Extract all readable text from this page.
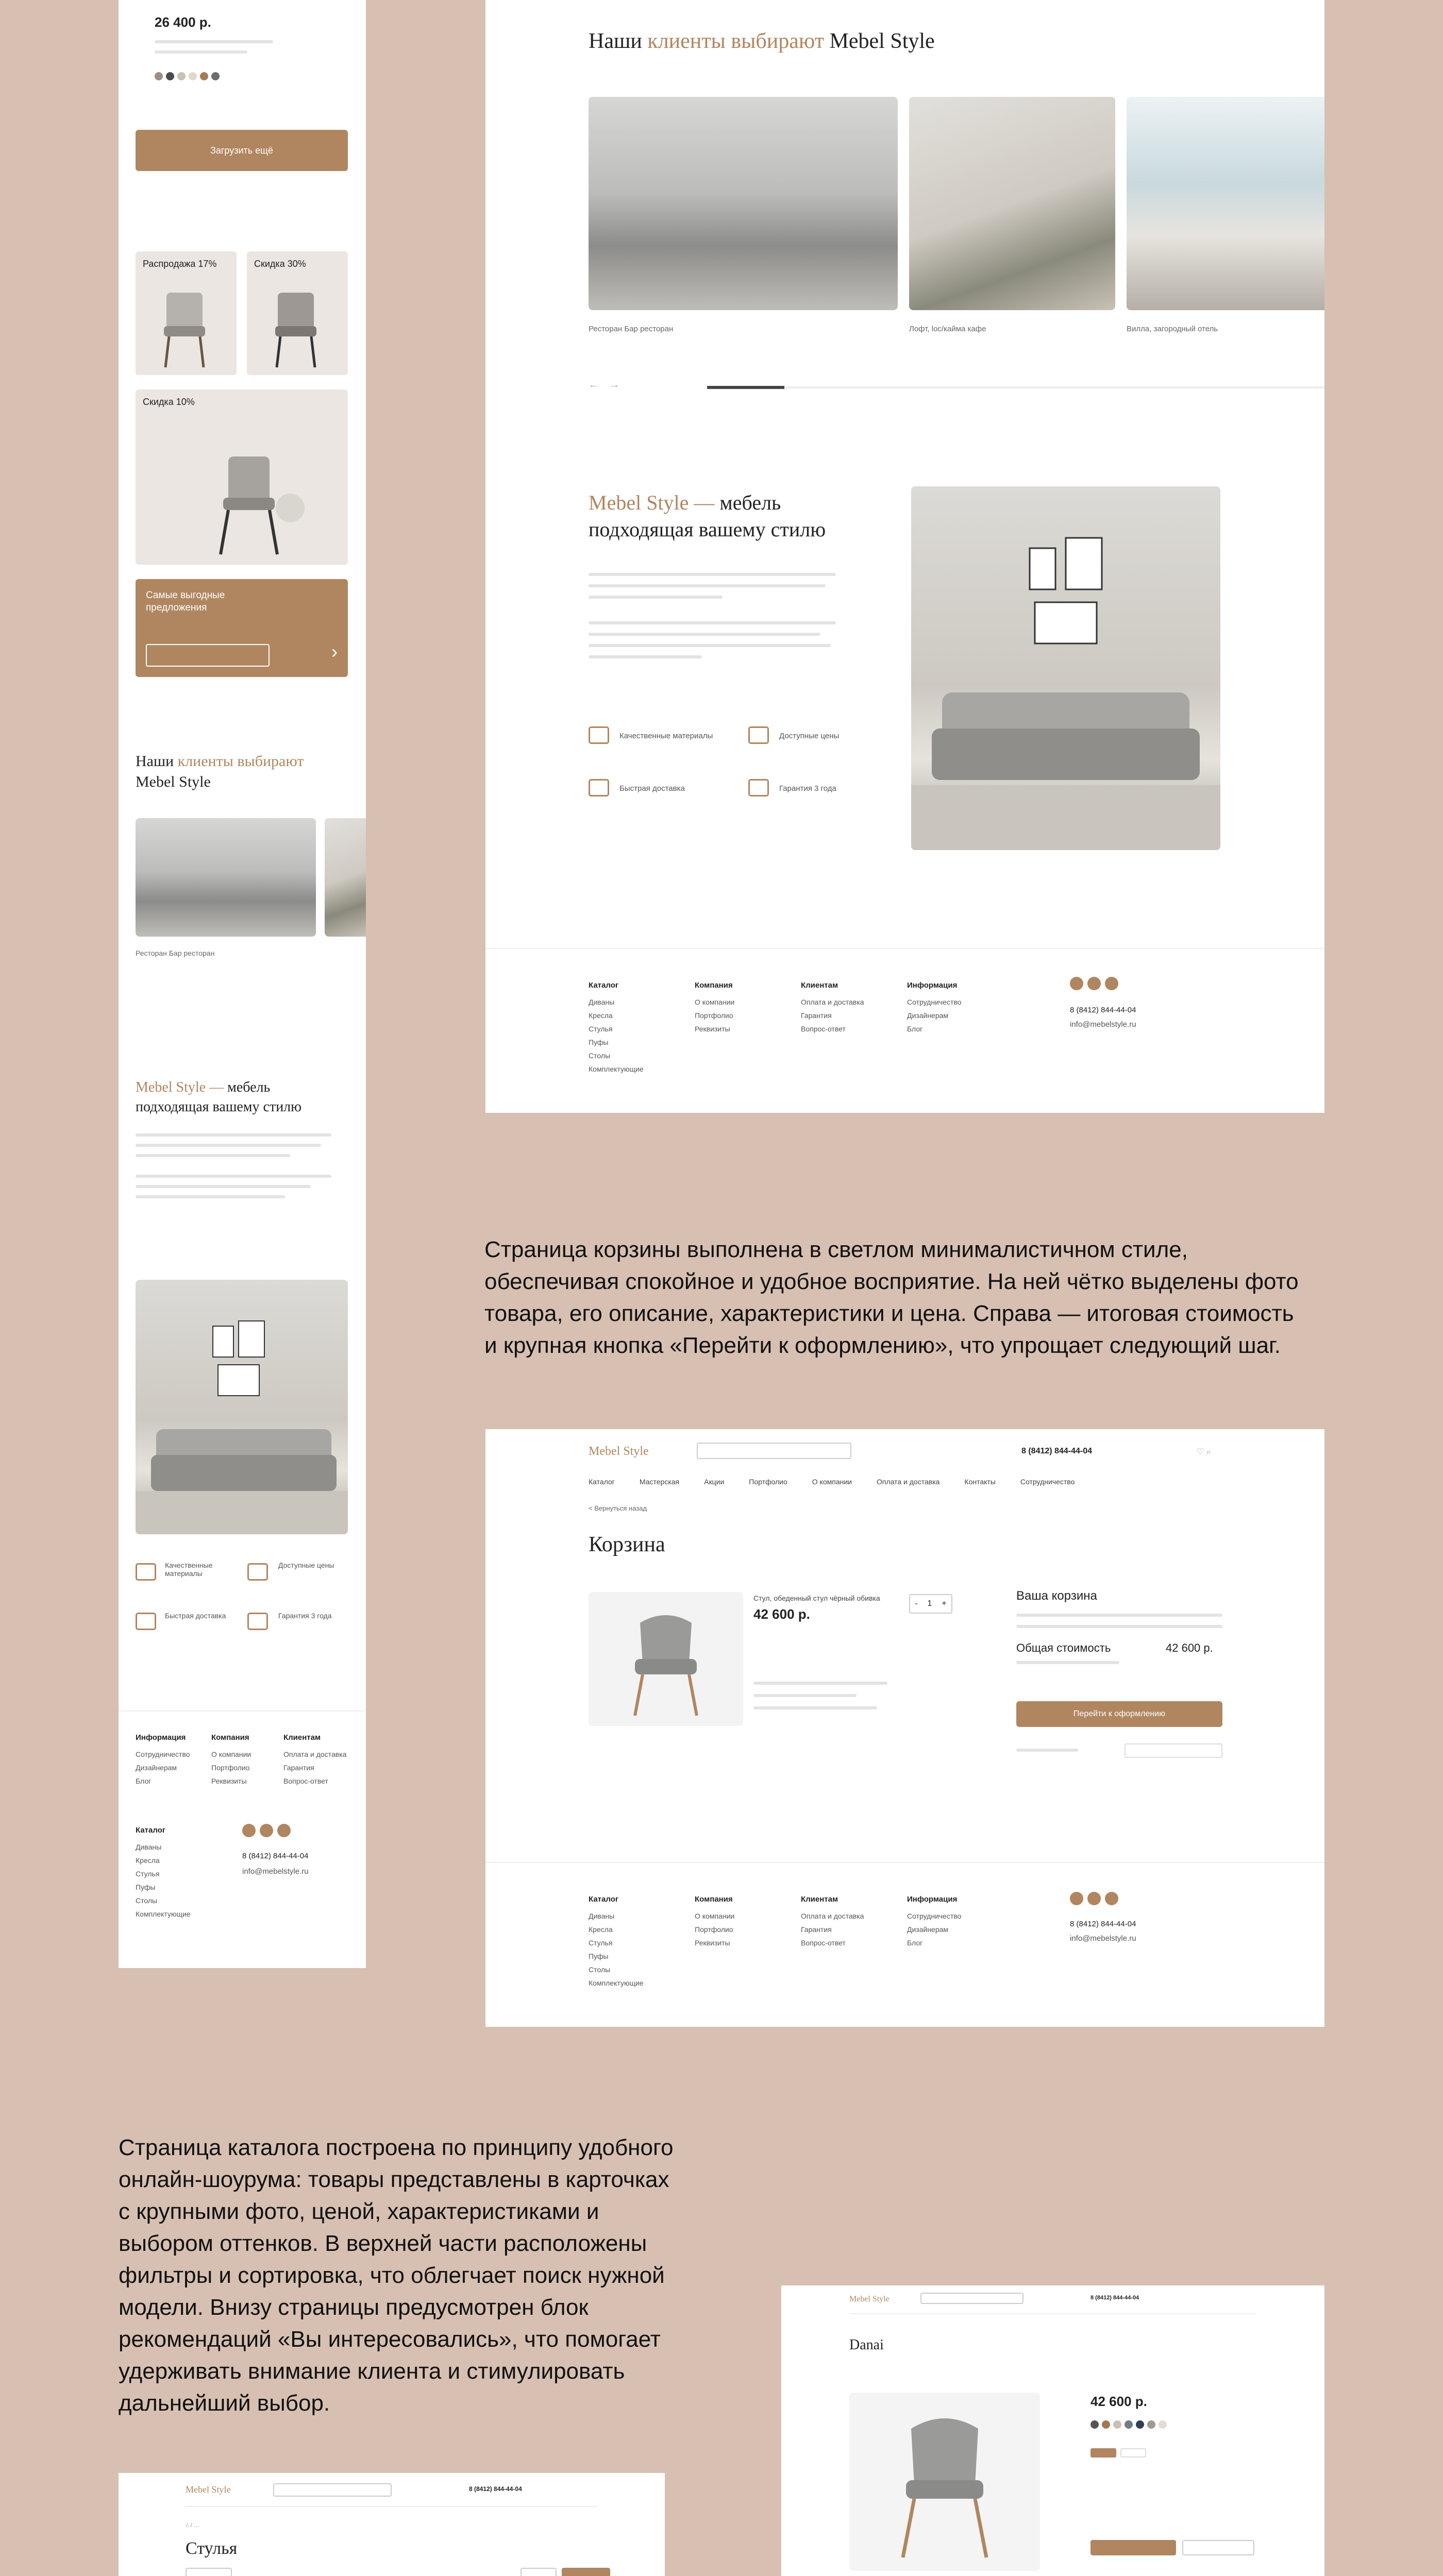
26 400 р.
Загрузить ещё
Распродажа 17%	Скидка 30%
Скидка 10%
Самые выгодные предложения
›
Наши клиенты выбирают
Mebel Style
Ресторан Бар ресторан
Mebel Style — мебель
подходящая вашему стилю
Качественные материалы
Доступные цены
Быстрая доставка	Гарантия 3 года
Информация
Сотрудничество
Дизайнерам
Блог
Компания
О компании
Портфолио
Реквизиты
Клиентам
Оплата и доставка
Гарантия
Вопрос-ответ
Каталог
Диваны
Кресла
Стулья
Пуфы
Столы
Комплектующие
8 (8412) 844-44-04
info@mebelstyle.ru
Наши клиенты выбирают Mebel Style
Ресторан Бар ресторан	Лофт, loc/кайма кафе	Вилла, загородный отель
← →
Mebel Style — мебель
подходящая вашему стилю
Качественные материалы	Доступные цены
Быстрая доставка	Гарантия 3 года
Каталог
Диваны
Кресла
Стулья
Пуфы
Столы
Комплектующие
Компания
О компании
Портфолио
Реквизиты
Клиентам
Оплата и доставка
Гарантия
Вопрос-ответ
Информация
Сотрудничество
Дизайнерам
Блог
8 (8412) 844-44-04
info@mebelstyle.ru
Страница корзины выполнена в светлом минималистичном стиле, обеспечивая спокойное и удобное восприятие. На ней чётко выделены фото товара, его описание, характеристики и цена. Справа — итоговая стоимость и крупная кнопка «Перейти к оформлению», что упрощает следующий шаг.
Mebel Style	8 (8412) 844-44-04	♡ ⌕
Каталог	Мастерская	Акции	Портфолио	О компании	Оплата и доставка	Контакты	Сотрудничество
< Вернуться назад
Корзина
Стул, обеденный стул чёрный обивка
42 600 р.
- 1 +
Ваша корзина
Общая стоимость	42 600 р.
Перейти к оформлению
Каталог
Диваны
Кресла
Стулья
Пуфы
Столы
Комплектующие
Компания
О компании
Портфолио
Реквизиты
Клиентам
Оплата и доставка
Гарантия
Вопрос-ответ
Информация
Сотрудничество
Дизайнерам
Блог
8 (8412) 844-44-04
info@mebelstyle.ru
Страница каталога построена по принципу удобного онлайн-шоурума: товары представлены в карточках с крупными фото, ценой, характеристиками и выбором оттенков. В верхней части расположены фильтры и сортировка, что облегчает поиск нужной модели. Внизу страницы предусмотрен блок рекомендаций «Вы интересовались», что помогает удерживать внимание клиента и стимулировать дальнейший выбор.
Mebel Style	8 (8412) 844-44-04
⌂ / …
Стулья
Mebel Style	8 (8412) 844-44-04
Danai
42 600 р.
